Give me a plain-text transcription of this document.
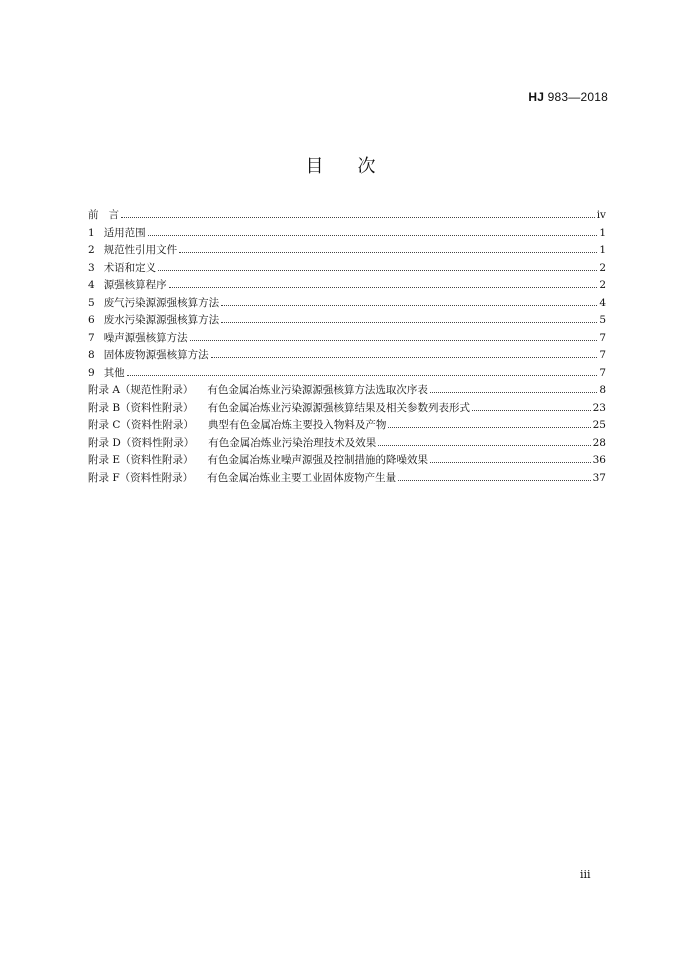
HJ 983—2018
目 次
前 言	iv
1 适用范围	1
2 规范性引用文件	1
3 术语和定义	2
4 源强核算程序	2
5 废气污染源源强核算方法	4
6 废水污染源源强核算方法	5
7 噪声源强核算方法	7
8 固体废物源强核算方法	7
9 其他	7
附录 A（规范性附录） 有色金属冶炼业污染源源强核算方法选取次序表	8
附录 B（资料性附录） 有色金属冶炼业污染源源强核算结果及相关参数列表形式	23
附录 C（资料性附录） 典型有色金属冶炼主要投入物料及产物	25
附录 D（资料性附录） 有色金属冶炼业污染治理技术及效果	28
附录 E（资料性附录） 有色金属冶炼业噪声源强及控制措施的降噪效果	36
附录 F（资料性附录） 有色金属冶炼业主要工业固体废物产生量	37
iii
